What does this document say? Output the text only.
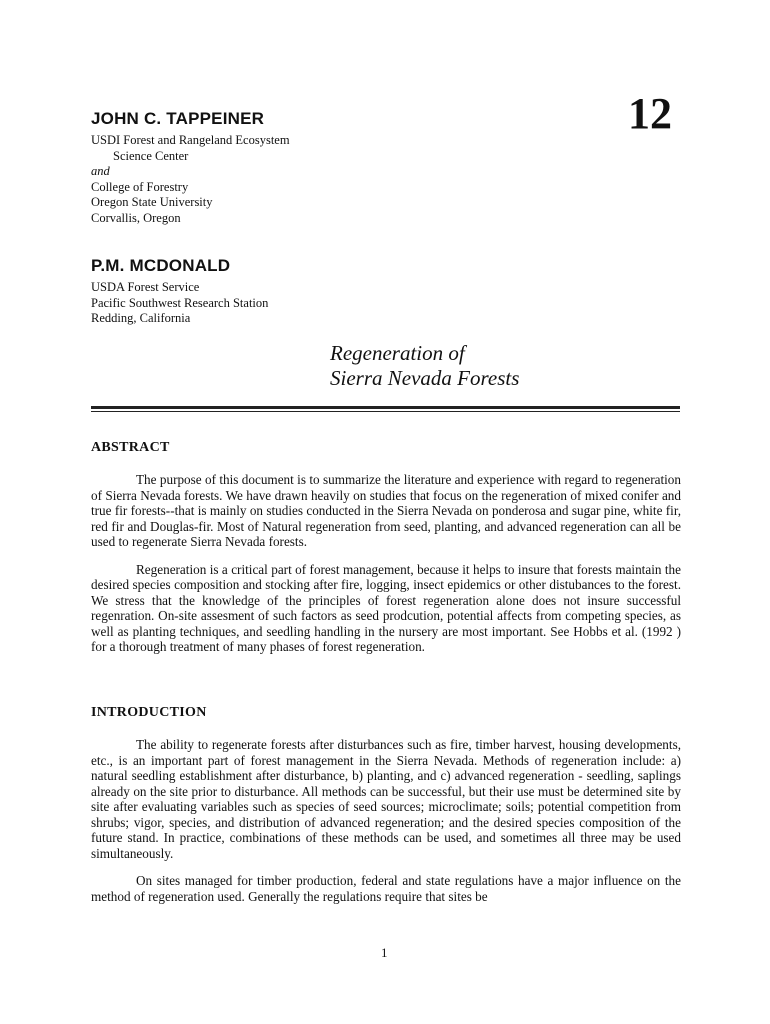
JOHN C. TAPPEINER	12
USDI Forest and Rangeland Ecosystem
Science Center
and
College of Forestry
Oregon State University
Corvallis, Oregon
P.M. MCDONALD
USDA Forest Service
Pacific Southwest Research Station
Redding, California
Regeneration of
Sierra Nevada Forests
ABSTRACT

The purpose of this document is to summarize the literature and experience with regard to regeneration of Sierra Nevada forests. We have drawn heavily on studies that focus on the regeneration of mixed conifer and true fir forests--that is mainly on studies conducted in the Sierra Nevada on ponderosa and sugar pine, white fir, red fir and Douglas-fir. Most of Natural regeneration from seed, planting, and advanced regeneration can all be used to regenerate Sierra Nevada forests.

Regeneration is a critical part of forest management, because it helps to insure that forests maintain the desired species composition and stocking after fire, logging, insect epidemics or other distubances to the forest. We stress that the knowledge of the principles of forest regeneration alone does not insure successful regenration. On-site assesment of such factors as seed prodcution, potential affects from competing species, as well as planting techniques, and seedling handling in the nursery are most important. See Hobbs et al. (1992 ) for a thorough treatment of many phases of forest regeneration.

INTRODUCTION

The ability to regenerate forests after disturbances such as fire, timber harvest, housing developments, etc., is an important part of forest management in the Sierra Nevada. Methods of regeneration include: a) natural seedling establishment after disturbance, b) planting, and c) advanced regeneration - seedling, saplings already on the site prior to disturbance. All methods can be successful, but their use must be determined site by site after evaluating variables such as species of seed sources; microclimate; soils; potential competition from shrubs; vigor, species, and distribution of advanced regeneration; and the desired species composition of the future stand. In practice, combinations of these methods can be used, and sometimes all three may be used simultaneously.

On sites managed for timber production, federal and state regulations have a major influence on the method of regeneration used. Generally the regulations require that sites be

1
